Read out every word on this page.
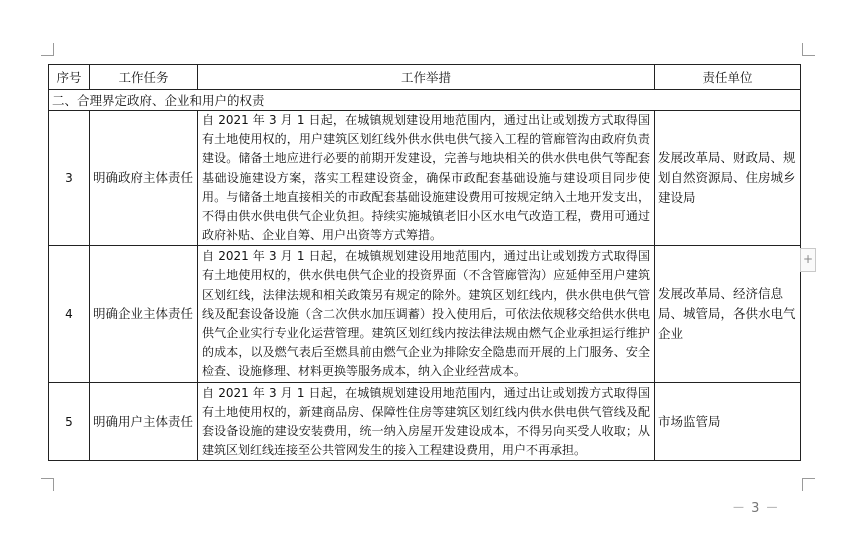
序号	工作任务	工作举措	责任单位
二、合理界定政府、企业和用户的权责			
3	明确政府主体责任	自 2021 年 3 月 1 日起，在城镇规划建设用地范围内，通过出让或划拨方式取得国有土地使用权的，用户建筑区划红线外供水供电供气接入工程的管廊管沟由政府负责建设。储备土地应进行必要的前期开发建设，完善与地块相关的供水供电供气等配套基础设施建设方案，落实工程建设资金，确保市政配套基础设施与建设项目同步使用。与储备土地直接相关的市政配套基础设施建设费用可按规定纳入土地开发支出，不得由供水供电供气企业负担。持续实施城镇老旧小区水电气改造工程，费用可通过政府补贴、企业自筹、用户出资等方式筹措。	发展改革局、财政局、规划自然资源局、住房城乡建设局
4	明确企业主体责任	自 2021 年 3 月 1 日起，在城镇规划建设用地范围内，通过出让或划拨方式取得国有土地使用权的，供水供电供气企业的投资界面（不含管廊管沟）应延伸至用户建筑区划红线，法律法规和相关政策另有规定的除外。建筑区划红线内，供水供电供气管线及配套设备设施（含二次供水加压调蓄）投入使用后，可依法依规移交给供水供电供气企业实行专业化运营管理。建筑区划红线内按法律法规由燃气企业承担运行维护的成本，以及燃气表后至燃具前由燃气企业为排除安全隐患而开展的上门服务、安全检查、设施修理、材料更换等服务成本，纳入企业经营成本。	发展改革局、经济信息局、城管局，各供水电气企业
5	明确用户主体责任	自 2021 年 3 月 1 日起，在城镇规划建设用地范围内，通过出让或划拨方式取得国有土地使用权的，新建商品房、保障性住房等建筑区划红线内供水供电供气管线及配套设备设施的建设安装费用，统一纳入房屋开发建设成本，不得另向买受人收取；从建筑区划红线连接至公共管网发生的接入工程建设费用，用户不再承担。	市场监管局
+
－ 3 －
